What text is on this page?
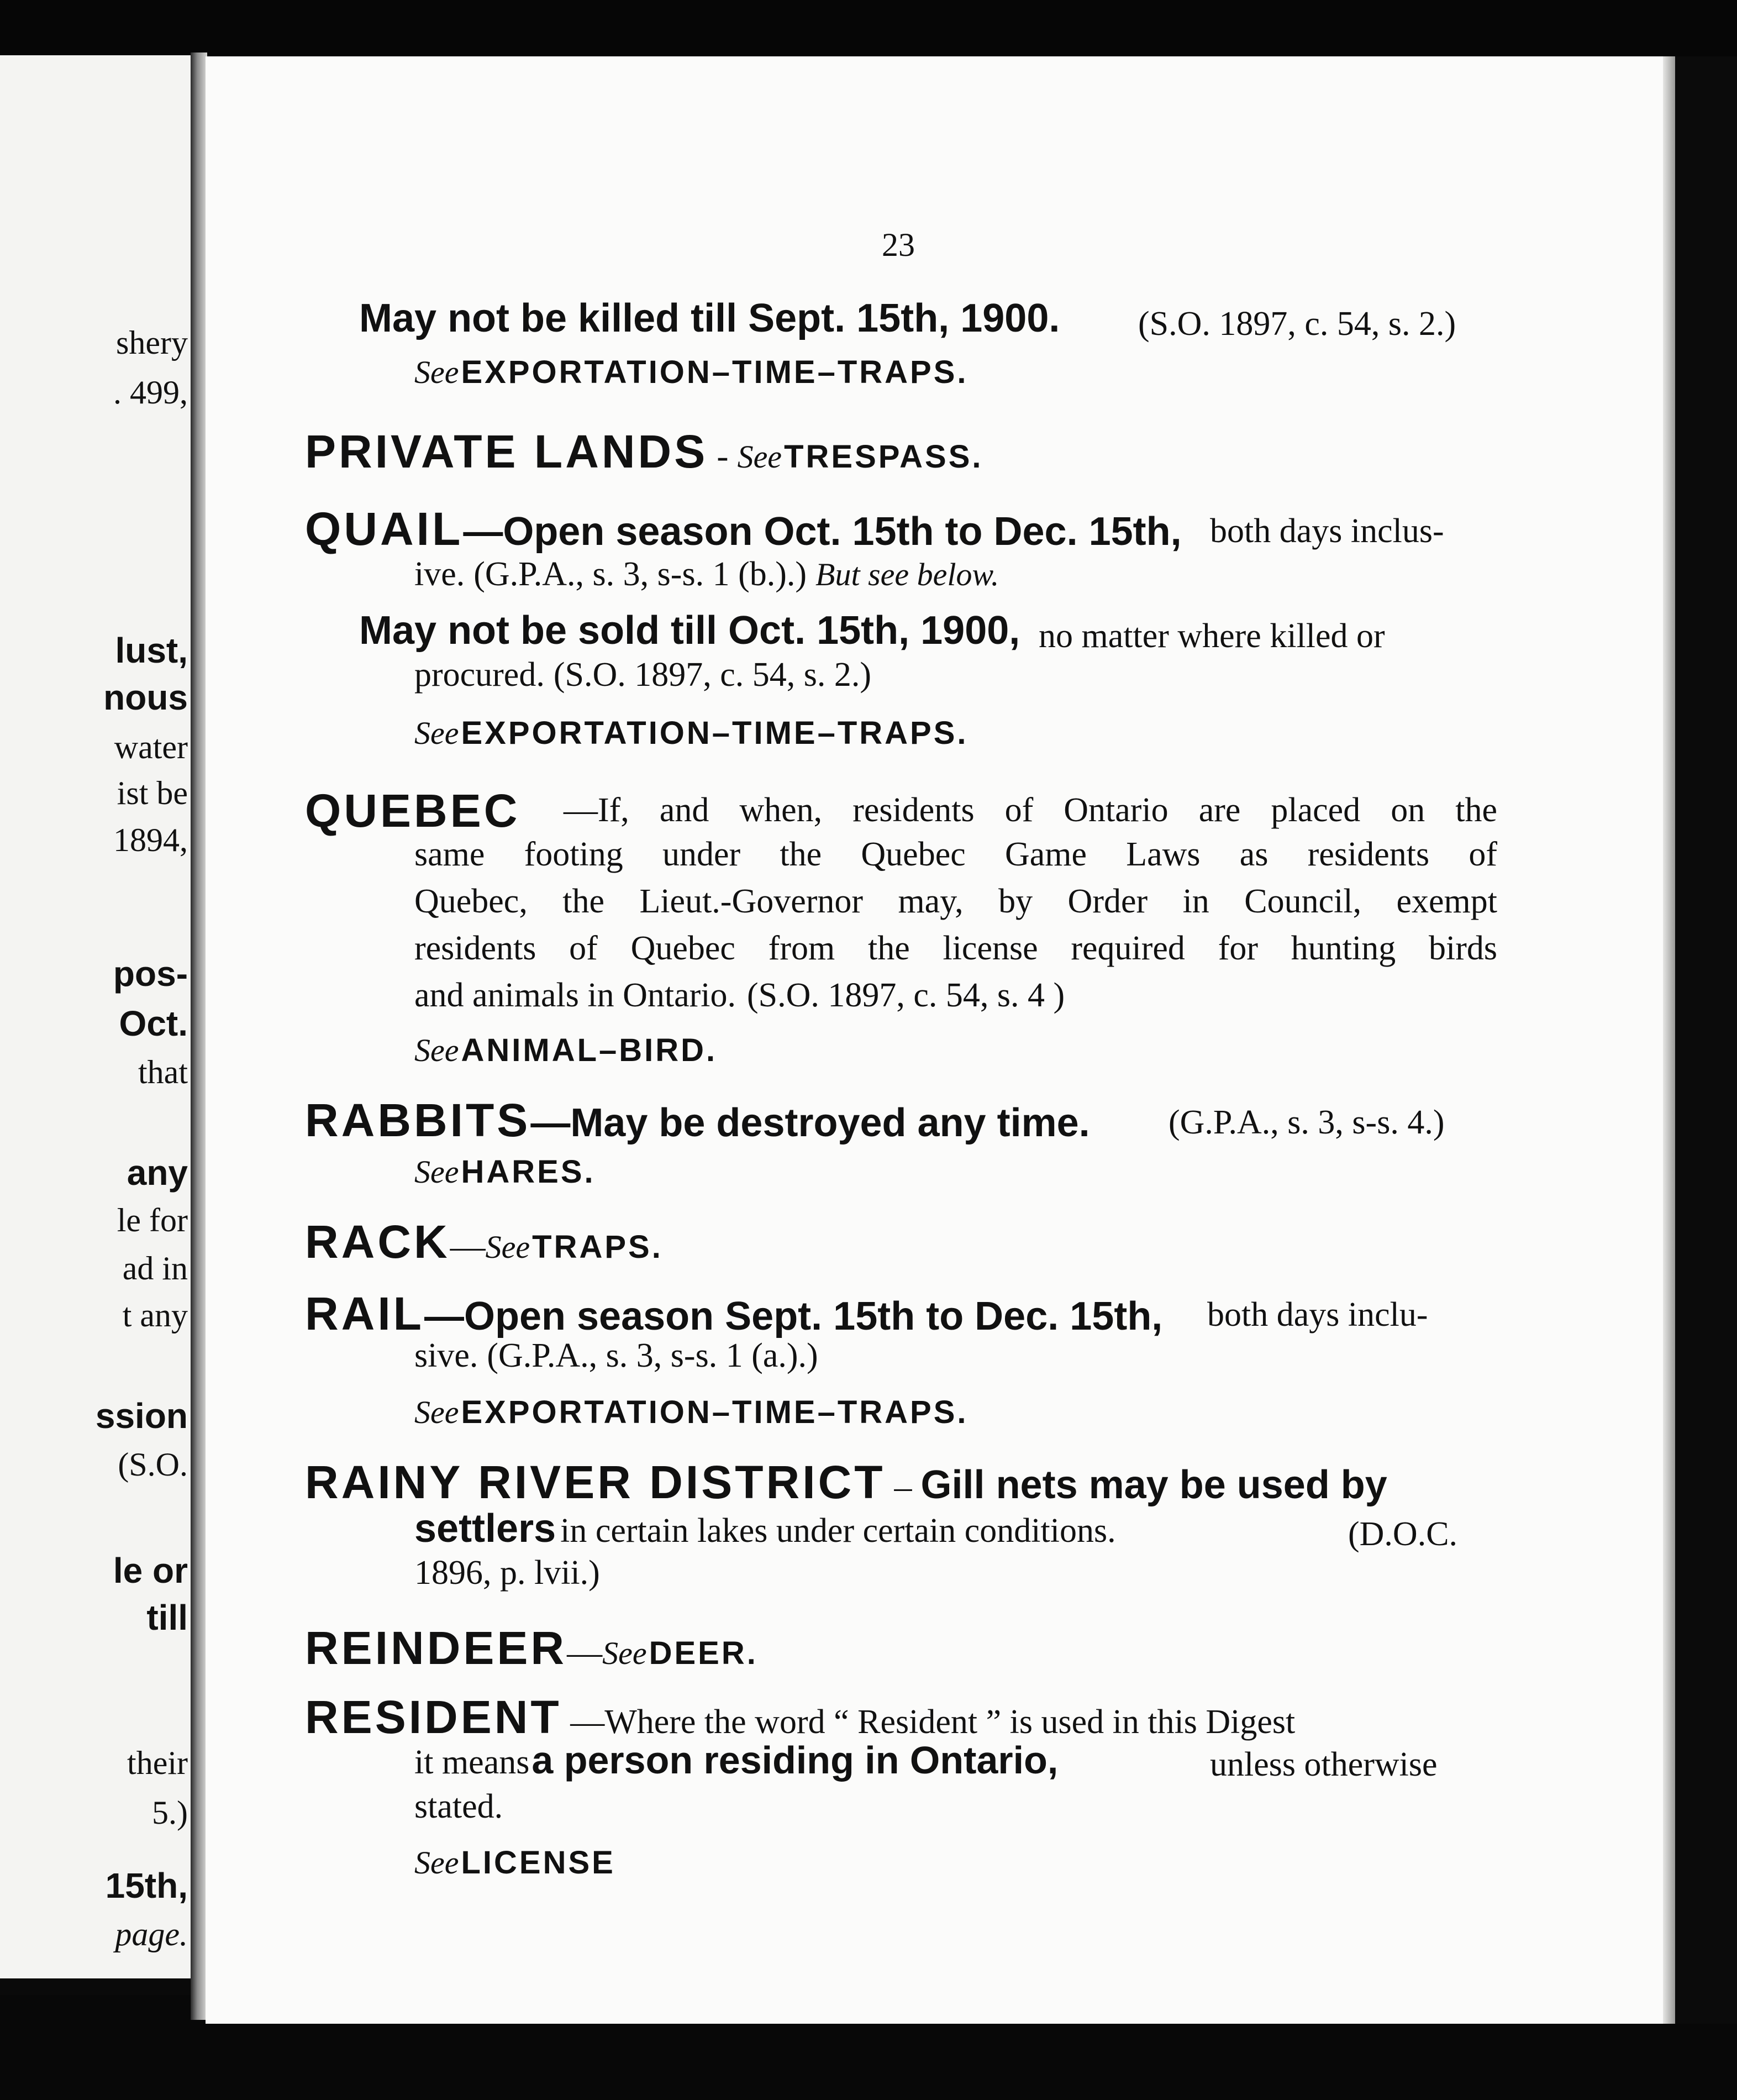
shery
. 499,
lust,
nous
water
ist be
1894,
pos-
Oct.
that
any
le for
ad in
t any
ssion
(S.O.
le or
till
their
5.)
15th,
page.
23
May not be killed till Sept. 15th, 1900. (S.O. 1897, c. 54, s. 2.)
See EXPORTATION–TIME–TRAPS.
PRIVATE LANDS - See TRESPASS.
QUAIL—Open season Oct. 15th to Dec. 15th, both days inclus-
ive. (G.P.A., s. 3, s-s. 1 (b.).) But see below.
May not be sold till Oct. 15th, 1900, no matter where killed or
procured. (S.O. 1897, c. 54, s. 2.)
See EXPORTATION–TIME–TRAPS.
QUEBEC —If, and when, residents of Ontario are placed on the
same footing under the Quebec Game Laws as residents of
Quebec, the Lieut.-Governor may, by Order in Council, exempt
residents of Quebec from the license required for hunting birds
and animals in Ontario. (S.O. 1897, c. 54, s. 4 )
See ANIMAL–BIRD.
RABBITS—May be destroyed any time. (G.P.A., s. 3, s-s. 4.)
See HARES.
RACK—See TRAPS.
RAIL—Open season Sept. 15th to Dec. 15th, both days inclu-
sive. (G.P.A., s. 3, s-s. 1 (a.).)
See EXPORTATION–TIME–TRAPS.
RAINY RIVER DISTRICT – Gill nets may be used by
settlers in certain lakes under certain conditions.	(D.O.C.
1896, p. lvii.)
REINDEER—See DEER.
RESIDENT —Where the word “ Resident ” is used in this Digest
it means a person residing in Ontario,	unless otherwise
stated.
See LICENSE
